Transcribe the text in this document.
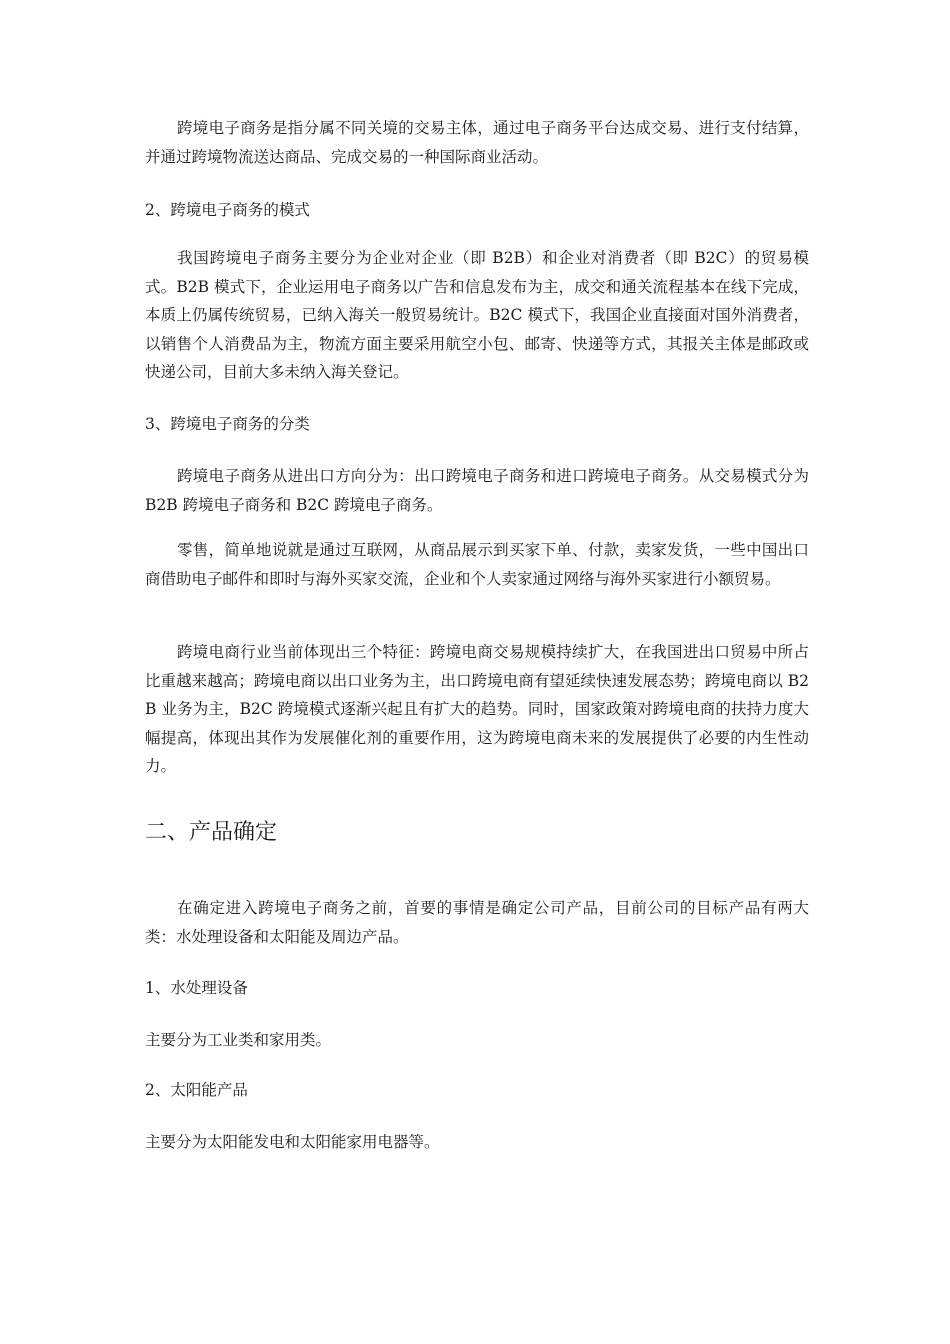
跨境电子商务是指分属不同关境的交易主体，通过电子商务平台达成交易、进行支付结算，并通过跨境物流送达商品、完成交易的一种国际商业活动。

2、跨境电子商务的模式

我国跨境电子商务主要分为企业对企业（即 B2B）和企业对消费者（即 B2C）的贸易模式。B2B 模式下，企业运用电子商务以广告和信息发布为主，成交和通关流程基本在线下完成，本质上仍属传统贸易，已纳入海关一般贸易统计。B2C 模式下，我国企业直接面对国外消费者，以销售个人消费品为主，物流方面主要采用航空小包、邮寄、快递等方式，其报关主体是邮政或快递公司，目前大多未纳入海关登记。

3、跨境电子商务的分类

跨境电子商务从进出口方向分为：出口跨境电子商务和进口跨境电子商务。从交易模式分为 B2B 跨境电子商务和 B2C 跨境电子商务。

零售，简单地说就是通过互联网，从商品展示到买家下单、付款，卖家发货，一些中国出口商借助电子邮件和即时与海外买家交流，企业和个人卖家通过网络与海外买家进行小额贸易。

跨境电商行业当前体现出三个特征：跨境电商交易规模持续扩大，在我国进出口贸易中所占比重越来越高；跨境电商以出口业务为主，出口跨境电商有望延续快速发展态势；跨境电商以 B2B 业务为主，B2C 跨境模式逐渐兴起且有扩大的趋势。同时，国家政策对跨境电商的扶持力度大幅提高，体现出其作为发展催化剂的重要作用，这为跨境电商未来的发展提供了必要的内生性动力。

二、产品确定

在确定进入跨境电子商务之前，首要的事情是确定公司产品，目前公司的目标产品有两大类：水处理设备和太阳能及周边产品。

1、水处理设备

主要分为工业类和家用类。

2、太阳能产品

主要分为太阳能发电和太阳能家用电器等。
